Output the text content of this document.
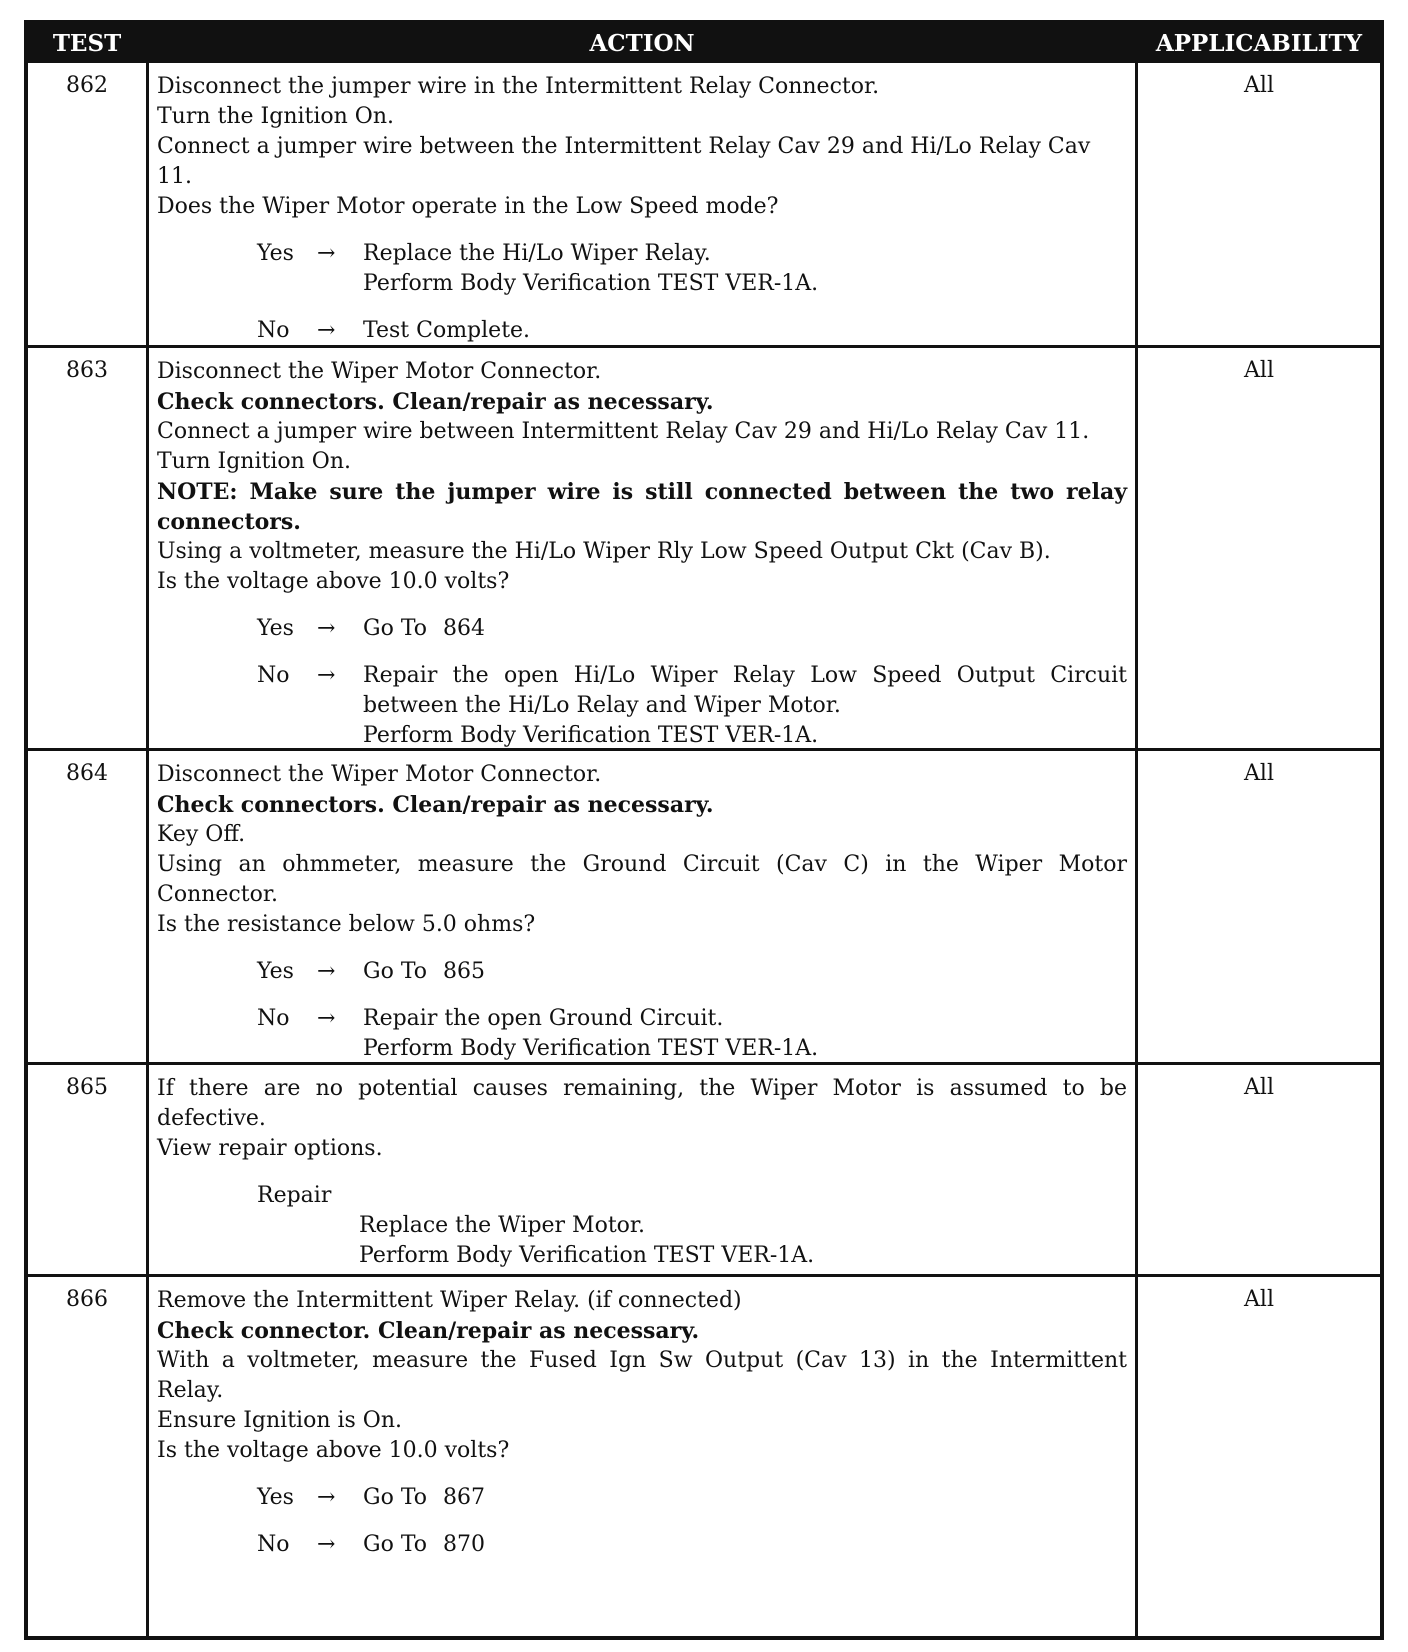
TEST	ACTION	APPLICABILITY
862	Disconnect the jumper wire in the Intermittent Relay Connector.
Turn the Ignition On.
Connect a jumper wire between the Intermittent Relay Cav 29 and Hi/Lo Relay Cav 11.
Does the Wiper Motor operate in the Low Speed mode?
Yes → Replace the Hi/Lo Wiper Relay.
Perform Body Verification TEST VER-1A.
No → Test Complete.
All
863	Disconnect the Wiper Motor Connector.
Check connectors. Clean/repair as necessary.
Connect a jumper wire between Intermittent Relay Cav 29 and Hi/Lo Relay Cav 11.
Turn Ignition On.
NOTE: Make sure the jumper wire is still connected between the two relay connectors.
Using a voltmeter, measure the Hi/Lo Wiper Rly Low Speed Output Ckt (Cav B).
Is the voltage above 10.0 volts?
Yes → Go To 864
No → Repair the open Hi/Lo Wiper Relay Low Speed Output Circuit between the Hi/Lo Relay and Wiper Motor.
Perform Body Verification TEST VER-1A.
All
864	Disconnect the Wiper Motor Connector.
Check connectors. Clean/repair as necessary.
Key Off.
Using an ohmmeter, measure the Ground Circuit (Cav C) in the Wiper Motor Connector.
Is the resistance below 5.0 ohms?
Yes → Go To 865
No → Repair the open Ground Circuit.
Perform Body Verification TEST VER-1A.
All
865	If there are no potential causes remaining, the Wiper Motor is assumed to be defective.
View repair options.
Repair
Replace the Wiper Motor.
Perform Body Verification TEST VER-1A.
All
866	Remove the Intermittent Wiper Relay. (if connected)
Check connector. Clean/repair as necessary.
With a voltmeter, measure the Fused Ign Sw Output (Cav 13) in the Intermittent Relay.
Ensure Ignition is On.
Is the voltage above 10.0 volts?
Yes → Go To 867
No → Go To 870
All
